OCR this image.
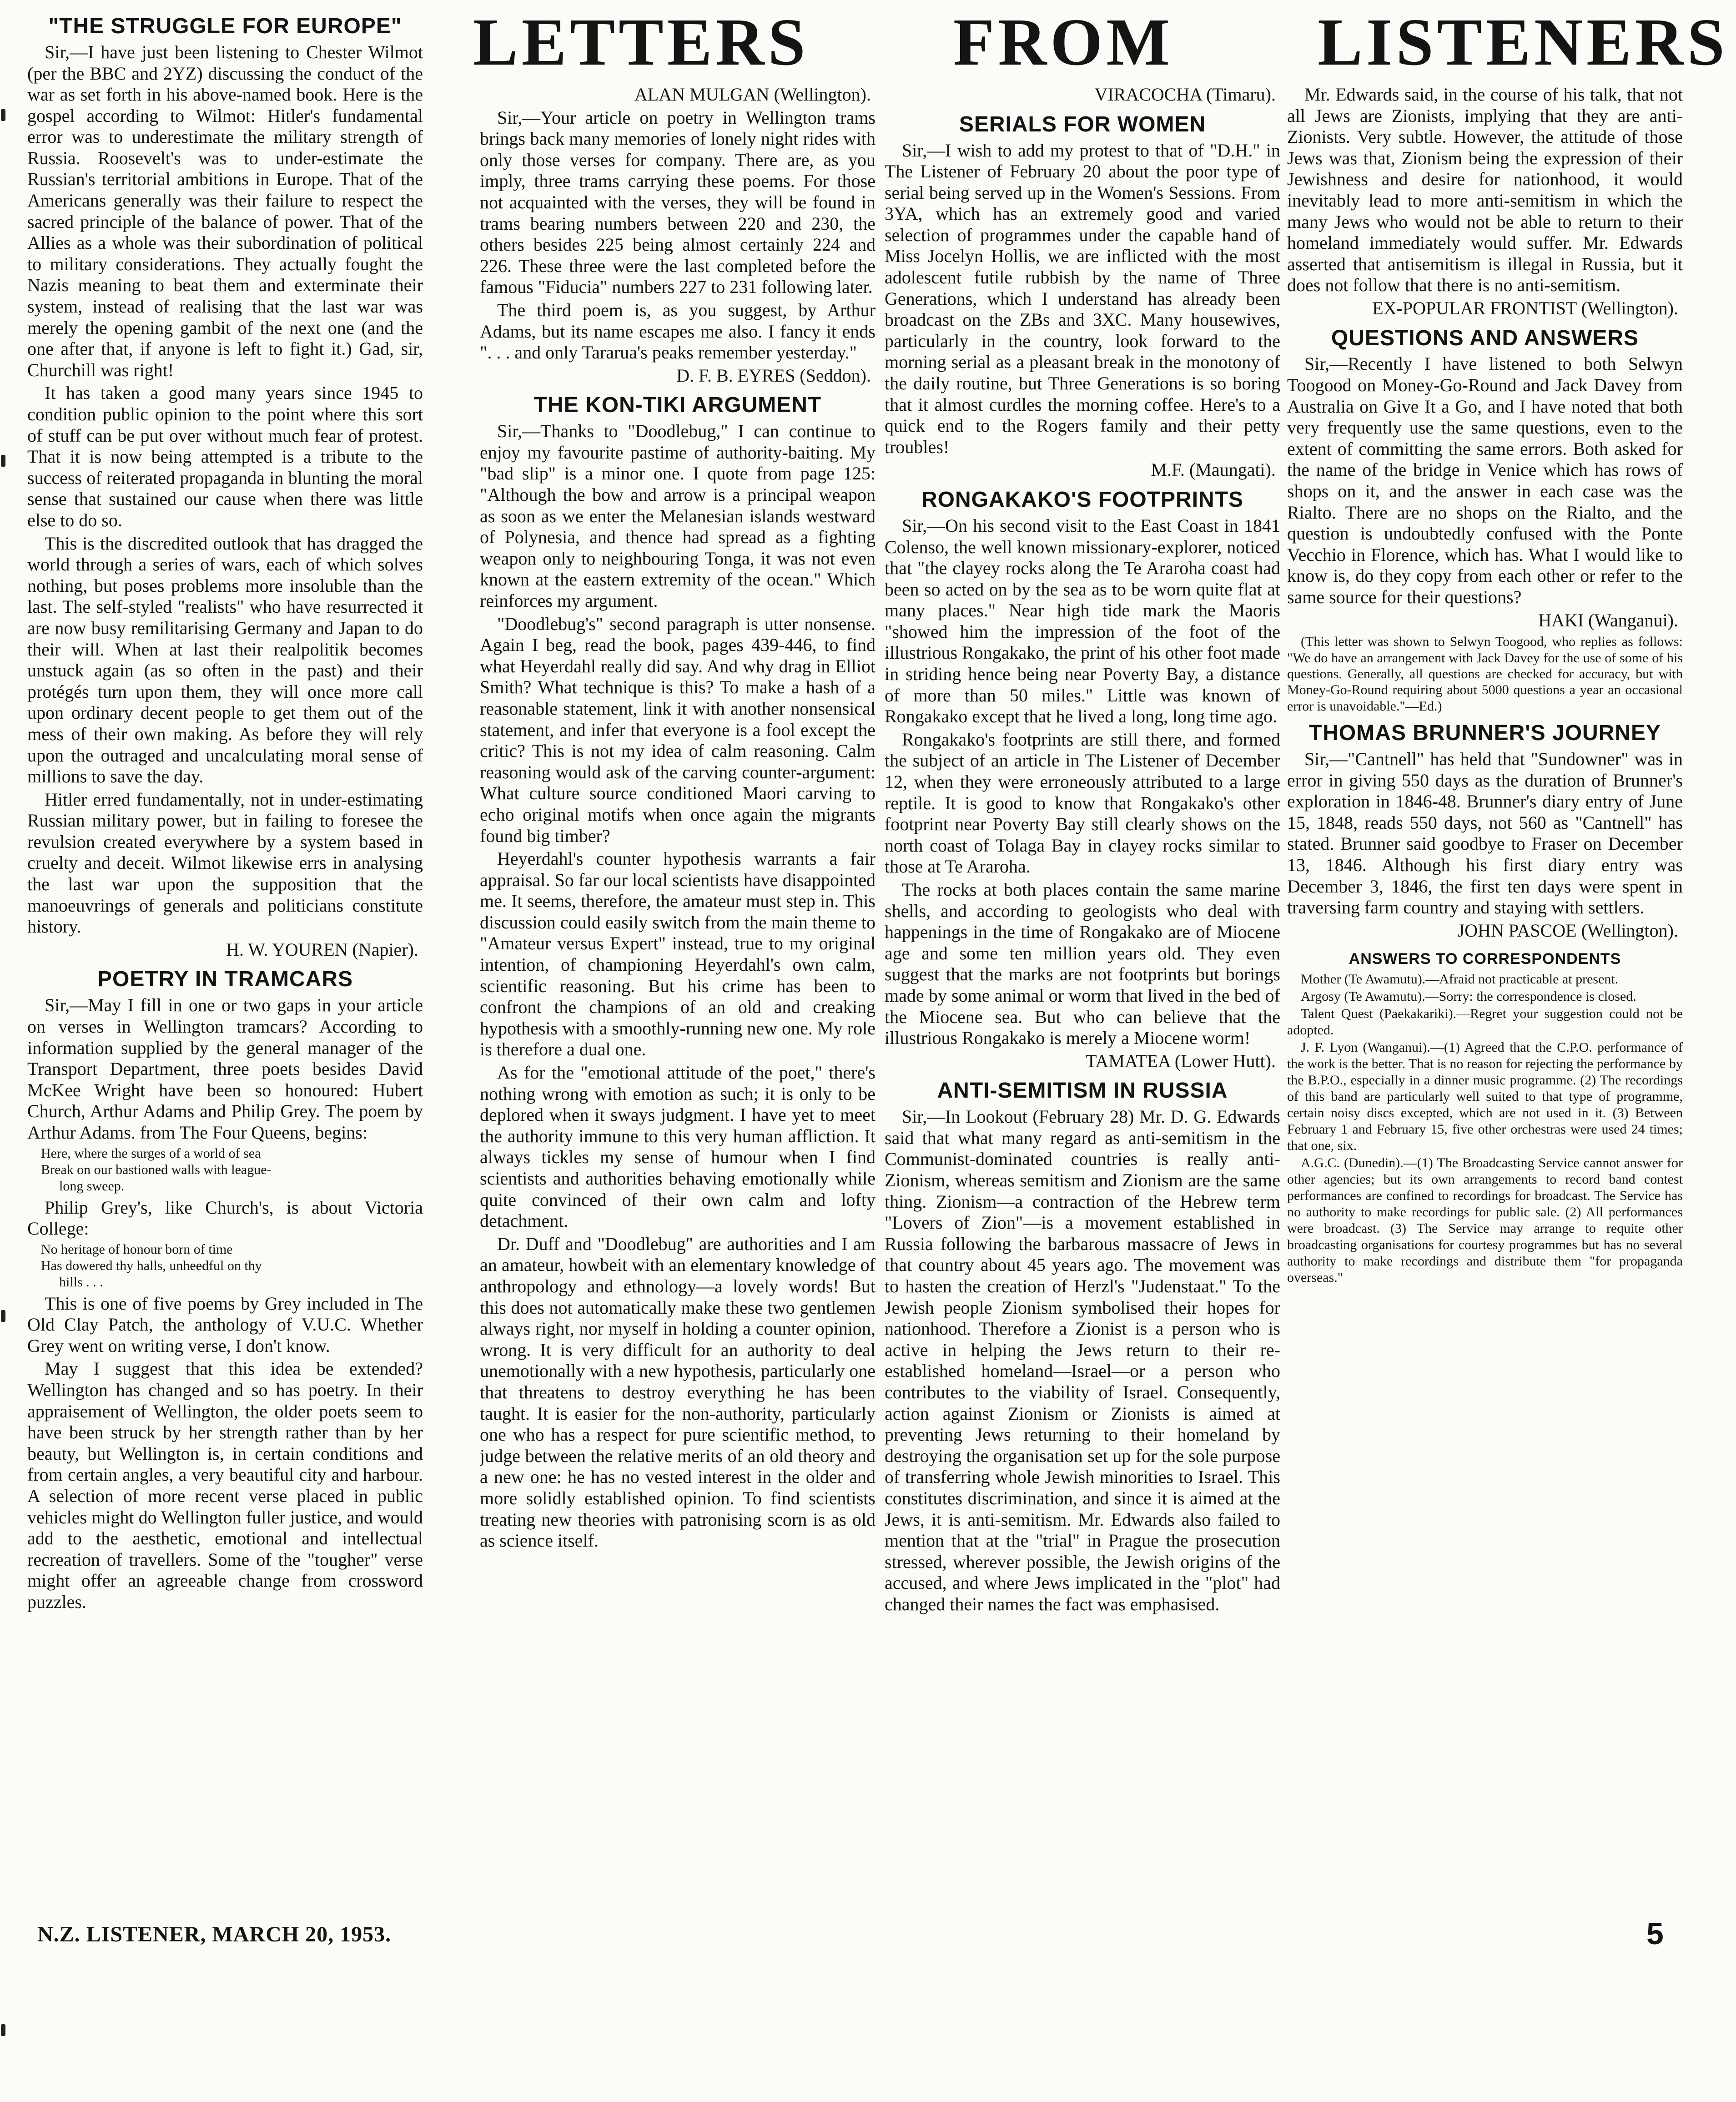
LETTERS FROM LISTENERS
"THE STRUGGLE FOR EUROPE"

Sir,—I have just been listening to Chester Wilmot (per the BBC and 2YZ) discussing the conduct of the war as set forth in his above-named book. Here is the gospel according to Wilmot: Hitler's fundamental error was to underestimate the military strength of Russia. Roosevelt's was to under-estimate the Russian's territorial ambitions in Europe. That of the Americans generally was their failure to respect the sacred principle of the balance of power. That of the Allies as a whole was their subordination of political to military considerations. They actually fought the Nazis meaning to beat them and exterminate their system, instead of realising that the last war was merely the opening gambit of the next one (and the one after that, if anyone is left to fight it.) Gad, sir, Churchill was right!

It has taken a good many years since 1945 to condition public opinion to the point where this sort of stuff can be put over without much fear of protest. That it is now being attempted is a tribute to the success of reiterated propaganda in blunting the moral sense that sustained our cause when there was little else to do so.

This is the discredited outlook that has dragged the world through a series of wars, each of which solves nothing, but poses problems more insoluble than the last. The self-styled "realists" who have resurrected it are now busy remilitarising Germany and Japan to do their will. When at last their realpolitik becomes unstuck again (as so often in the past) and their protégés turn upon them, they will once more call upon ordinary decent people to get them out of the mess of their own making. As before they will rely upon the outraged and uncalculating moral sense of millions to save the day.

Hitler erred fundamentally, not in under-estimating Russian military power, but in failing to foresee the revulsion created everywhere by a system based in cruelty and deceit. Wilmot likewise errs in analysing the last war upon the supposition that the manoeuvrings of generals and politicians constitute history.

H. W. YOUREN (Napier).

POETRY IN TRAMCARS

Sir,—May I fill in one or two gaps in your article on verses in Wellington tramcars? According to information supplied by the general manager of the Transport Department, three poets besides David McKee Wright have been so honoured: Hubert Church, Arthur Adams and Philip Grey. The poem by Arthur Adams. from The Four Queens, begins:

Here, where the surges of a world of sea
Break on our bastioned walls with league-
long sweep.

Philip Grey's, like Church's, is about Victoria College:

No heritage of honour born of time
Has dowered thy halls, unheedful on thy
hills . . .

This is one of five poems by Grey included in The Old Clay Patch, the anthology of V.U.C. Whether Grey went on writing verse, I don't know.

May I suggest that this idea be extended? Wellington has changed and so has poetry. In their appraisement of Wellington, the older poets seem to have been struck by her strength rather than by her beauty, but Wellington is, in certain conditions and from certain angles, a very beautiful city and harbour. A selection of more recent verse placed in public vehicles might do Wellington fuller justice, and would add to the aesthetic, emotional and intellectual recreation of travellers. Some of the "tougher" verse might offer an agreeable change from crossword puzzles.

ALAN MULGAN (Wellington).

Sir,—Your article on poetry in Wellington trams brings back many memories of lonely night rides with only those verses for company. There are, as you imply, three trams carrying these poems. For those not acquainted with the verses, they will be found in trams bearing numbers between 220 and 230, the others besides 225 being almost certainly 224 and 226. These three were the last completed before the famous "Fiducia" numbers 227 to 231 following later.

The third poem is, as you suggest, by Arthur Adams, but its name escapes me also. I fancy it ends ". . . and only Tararua's peaks remember yesterday."

D. F. B. EYRES (Seddon).

THE KON-TIKI ARGUMENT

Sir,—Thanks to "Doodlebug," I can continue to enjoy my favourite pastime of authority-baiting. My "bad slip" is a minor one. I quote from page 125: "Although the bow and arrow is a principal weapon as soon as we enter the Melanesian islands westward of Polynesia, and thence had spread as a fighting weapon only to neighbouring Tonga, it was not even known at the eastern extremity of the ocean." Which reinforces my argument.

"Doodlebug's" second paragraph is utter nonsense. Again I beg, read the book, pages 439-446, to find what Heyerdahl really did say. And why drag in Elliot Smith? What technique is this? To make a hash of a reasonable statement, link it with another nonsensical statement, and infer that everyone is a fool except the critic? This is not my idea of calm reasoning. Calm reasoning would ask of the carving counter-argument: What culture source conditioned Maori carving to echo original motifs when once again the migrants found big timber?

Heyerdahl's counter hypothesis warrants a fair appraisal. So far our local scientists have disappointed me. It seems, therefore, the amateur must step in. This discussion could easily switch from the main theme to "Amateur versus Expert" instead, true to my original intention, of championing Heyerdahl's own calm, scientific reasoning. But his crime has been to confront the champions of an old and creaking hypothesis with a smoothly-running new one. My role is therefore a dual one.

As for the "emotional attitude of the poet," there's nothing wrong with emotion as such; it is only to be deplored when it sways judgment. I have yet to meet the authority immune to this very human affliction. It always tickles my sense of humour when I find scientists and authorities behaving emotionally while quite convinced of their own calm and lofty detachment.

Dr. Duff and "Doodlebug" are authorities and I am an amateur, howbeit with an elementary knowledge of anthropology and ethnology—a lovely words! But this does not automatically make these two gentlemen always right, nor myself in holding a counter opinion, wrong. It is very difficult for an authority to deal unemotionally with a new hypothesis, particularly one that threatens to destroy everything he has been taught. It is easier for the non-authority, particularly one who has a respect for pure scientific method, to judge between the relative merits of an old theory and a new one: he has no vested interest in the older and more solidly established opinion. To find scientists treating new theories with patronising scorn is as old as science itself.

VIRACOCHA (Timaru).

SERIALS FOR WOMEN

Sir,—I wish to add my protest to that of "D.H." in The Listener of February 20 about the poor type of serial being served up in the Women's Sessions. From 3YA, which has an extremely good and varied selection of programmes under the capable hand of Miss Jocelyn Hollis, we are inflicted with the most adolescent futile rubbish by the name of Three Generations, which I understand has already been broadcast on the ZBs and 3XC. Many housewives, particularly in the country, look forward to the morning serial as a pleasant break in the monotony of the daily routine, but Three Generations is so boring that it almost curdles the morning coffee. Here's to a quick end to the Rogers family and their petty troubles!

M.F. (Maungati).

RONGAKAKO'S FOOTPRINTS

Sir,—On his second visit to the East Coast in 1841 Colenso, the well known missionary-explorer, noticed that "the clayey rocks along the Te Araroha coast had been so acted on by the sea as to be worn quite flat at many places." Near high tide mark the Maoris "showed him the impression of the foot of the illustrious Rongakako, the print of his other foot made in striding hence being near Poverty Bay, a distance of more than 50 miles." Little was known of Rongakako except that he lived a long, long time ago.

Rongakako's footprints are still there, and formed the subject of an article in The Listener of December 12, when they were erroneously attributed to a large reptile. It is good to know that Rongakako's other footprint near Poverty Bay still clearly shows on the north coast of Tolaga Bay in clayey rocks similar to those at Te Araroha.

The rocks at both places contain the same marine shells, and according to geologists who deal with happenings in the time of Rongakako are of Miocene age and some ten million years old. They even suggest that the marks are not footprints but borings made by some animal or worm that lived in the bed of the Miocene sea. But who can believe that the illustrious Rongakako is merely a Miocene worm!

TAMATEA (Lower Hutt).

ANTI-SEMITISM IN RUSSIA

Sir,—In Lookout (February 28) Mr. D. G. Edwards said that what many regard as anti-semitism in the Communist-dominated countries is really anti-Zionism, whereas semitism and Zionism are the same thing. Zionism—a contraction of the Hebrew term "Lovers of Zion"—is a movement established in Russia following the barbarous massacre of Jews in that country about 45 years ago. The movement was to hasten the creation of Herzl's "Judenstaat." To the Jewish people Zionism symbolised their hopes for nationhood. Therefore a Zionist is a person who is active in helping the Jews return to their re-established homeland—Israel—or a person who contributes to the viability of Israel. Consequently, action against Zionism or Zionists is aimed at preventing Jews returning to their homeland by destroying the organisation set up for the sole purpose of transferring whole Jewish minorities to Israel. This constitutes discrimination, and since it is aimed at the Jews, it is anti-semitism. Mr. Edwards also failed to mention that at the "trial" in Prague the prosecution stressed, wherever possible, the Jewish origins of the accused, and where Jews implicated in the "plot" had changed their names the fact was emphasised.

Mr. Edwards said, in the course of his talk, that not all Jews are Zionists, implying that they are anti-Zionists. Very subtle. However, the attitude of those Jews was that, Zionism being the expression of their Jewishness and desire for nationhood, it would inevitably lead to more anti-semitism in which the many Jews who would not be able to return to their homeland immediately would suffer. Mr. Edwards asserted that antisemitism is illegal in Russia, but it does not follow that there is no anti-semitism.

EX-POPULAR FRONTIST (Wellington).

QUESTIONS AND ANSWERS

Sir,—Recently I have listened to both Selwyn Toogood on Money-Go-Round and Jack Davey from Australia on Give It a Go, and I have noted that both very frequently use the same questions, even to the extent of committing the same errors. Both asked for the name of the bridge in Venice which has rows of shops on it, and the answer in each case was the Rialto. There are no shops on the Rialto, and the question is undoubtedly confused with the Ponte Vecchio in Florence, which has. What I would like to know is, do they copy from each other or refer to the same source for their questions?

HAKI (Wanganui).

(This letter was shown to Selwyn Toogood, who replies as follows: "We do have an arrangement with Jack Davey for the use of some of his questions. Generally, all questions are checked for accuracy, but with Money-Go-Round requiring about 5000 questions a year an occasional error is unavoidable."—Ed.)

THOMAS BRUNNER'S JOURNEY

Sir,—"Cantnell" has held that "Sundowner" was in error in giving 550 days as the duration of Brunner's exploration in 1846-48. Brunner's diary entry of June 15, 1848, reads 550 days, not 560 as "Cantnell" has stated. Brunner said goodbye to Fraser on December 13, 1846. Although his first diary entry was December 3, 1846, the first ten days were spent in traversing farm country and staying with settlers.

JOHN PASCOE (Wellington).

ANSWERS TO CORRESPONDENTS

Mother (Te Awamutu).—Afraid not practicable at present.

Argosy (Te Awamutu).—Sorry: the correspondence is closed.

Talent Quest (Paekakariki).—Regret your suggestion could not be adopted.

J. F. Lyon (Wanganui).—(1) Agreed that the C.P.O. performance of the work is the better. That is no reason for rejecting the performance by the B.P.O., especially in a dinner music programme. (2) The recordings of this band are particularly well suited to that type of programme, certain noisy discs excepted, which are not used in it. (3) Between February 1 and February 15, five other orchestras were used 24 times; that one, six.

A.G.C. (Dunedin).—(1) The Broadcasting Service cannot answer for other agencies; but its own arrangements to record band contest performances are confined to recordings for broadcast. The Service has no authority to make recordings for public sale. (2) All performances were broadcast. (3) The Service may arrange to requite other broadcasting organisations for courtesy programmes but has no several authority to make recordings and distribute them "for propaganda overseas."

N.Z. LISTENER, MARCH 20, 1953.	5
